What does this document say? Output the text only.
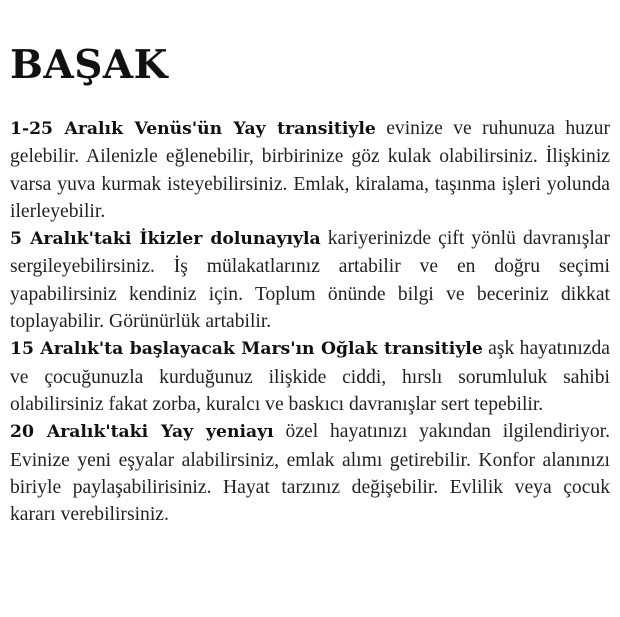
BAŞAK

1-25 Aralık Venüs'ün Yay transitiyle evinize ve ruhunuza huzur gelebilir. Ailenizle eğlenebilir, birbirinize göz kulak olabilirsiniz. İlişkiniz varsa yuva kurmak isteyebilirsiniz. Emlak, kiralama, taşınma işleri yolunda ilerleyebilir.

5 Aralık'taki İkizler dolunayıyla kariyerinizde çift yönlü davranışlar sergileyebilirsiniz. İş mülakatlarınız artabilir ve en doğru seçimi yapabilirsiniz kendiniz için. Toplum önünde bilgi ve beceriniz dikkat toplayabilir. Görünürlük artabilir.

15 Aralık'ta başlayacak Mars'ın Oğlak transitiyle aşk hayatınızda ve çocuğunuzla kurduğunuz ilişkide ciddi, hırslı sorumluluk sahibi olabilirsiniz fakat zorba, kuralcı ve baskıcı davranışlar sert tepebilir.

20 Aralık'taki Yay yeniayı özel hayatınızı yakından ilgilendiriyor. Evinize yeni eşyalar alabilirsiniz, emlak alımı getirebilir. Konfor alanınızı biriyle paylaşabilirisiniz. Hayat tarzınız değişebilir. Evlilik veya çocuk kararı verebilirsiniz.
